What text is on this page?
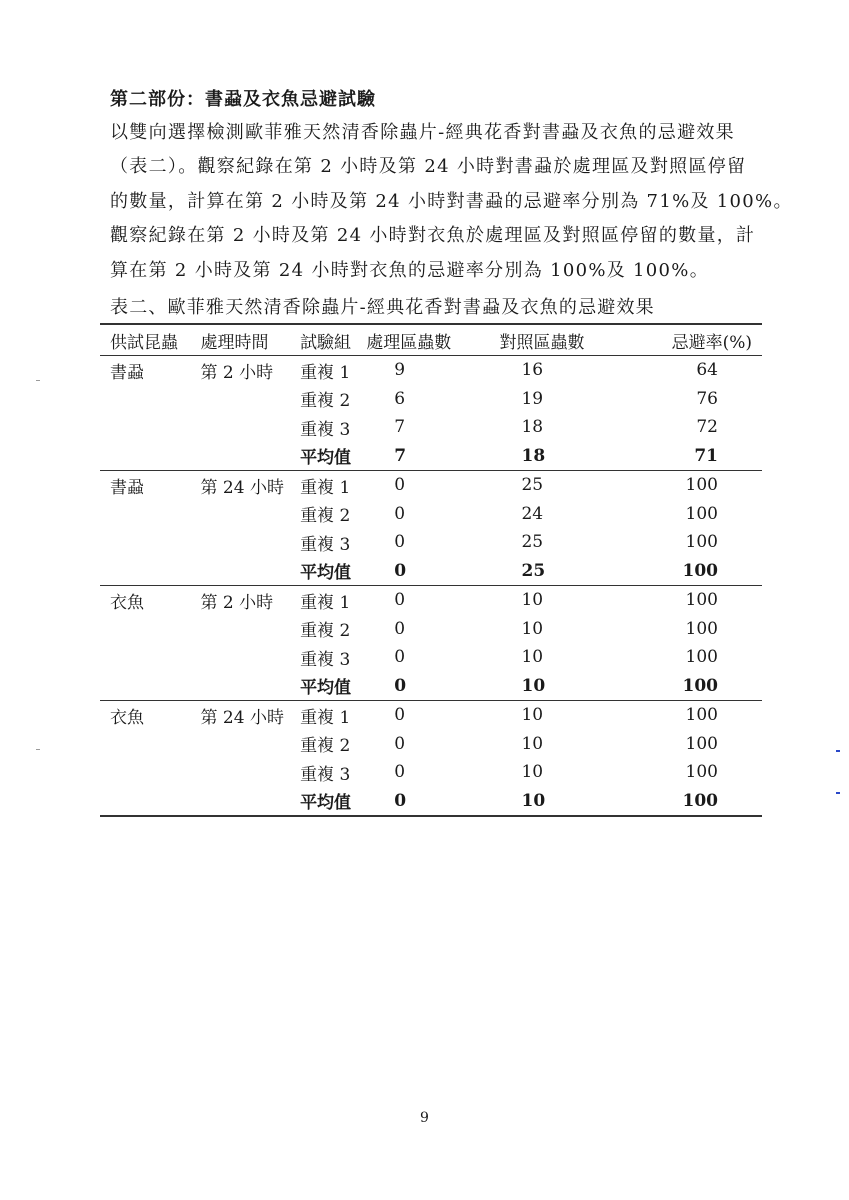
第二部份：書蝨及衣魚忌避試驗
以雙向選擇檢測歐菲雅天然清香除蟲片-經典花香對書蝨及衣魚的忌避效果
（表二）。觀察紀錄在第 2 小時及第 24 小時對書蝨於處理區及對照區停留
的數量，計算在第 2 小時及第 24 小時對書蝨的忌避率分別為 71%及 100%。
觀察紀錄在第 2 小時及第 24 小時對衣魚於處理區及對照區停留的數量，計
算在第 2 小時及第 24 小時對衣魚的忌避率分別為 100%及 100%。
表二、歐菲雅天然清香除蟲片-經典花香對書蝨及衣魚的忌避效果
供試昆蟲	處理時間	試驗組	處理區蟲數	對照區蟲數	忌避率(%)
書蝨	第 2 小時	重複 1	9	16	64
		重複 2	6	19	76
		重複 3	7	18	72
		平均值	7	18	71
書蝨	第 24 小時	重複 1	0	25	100
		重複 2	0	24	100
		重複 3	0	25	100
		平均值	0	25	100
衣魚	第 2 小時	重複 1	0	10	100
		重複 2	0	10	100
		重複 3	0	10	100
		平均值	0	10	100
衣魚	第 24 小時	重複 1	0	10	100
		重複 2	0	10	100
		重複 3	0	10	100
		平均值	0	10	100
9
